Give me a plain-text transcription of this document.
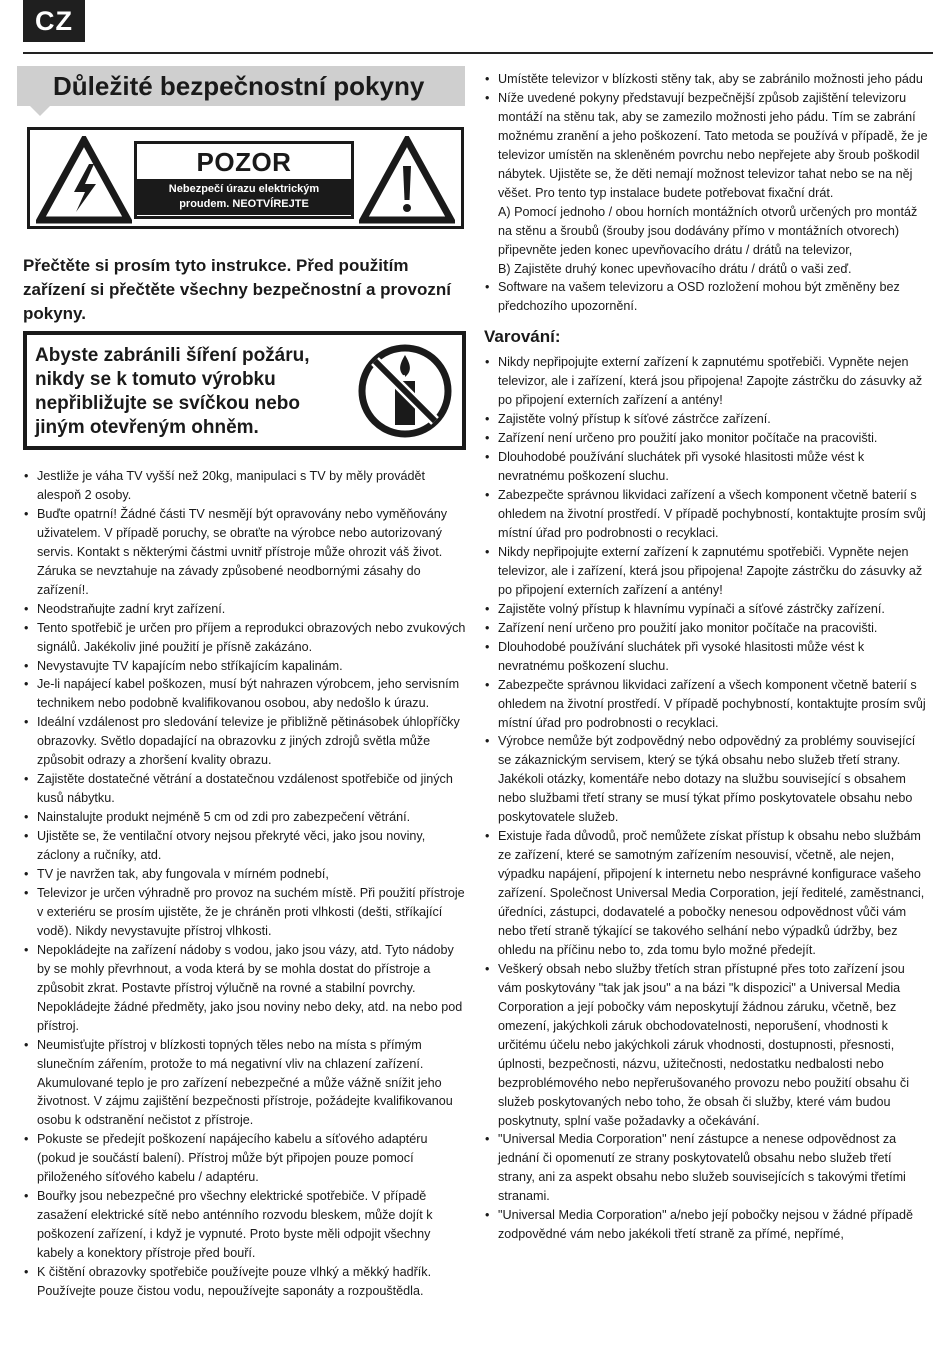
CZ
Důležité bezpečnostní pokyny
POZOR
Nebezpečí úrazu elektrickým
proudem. NEOTVÍREJTE
Přečtěte si prosím tyto instrukce. Před použitím zařízení si přečtěte všechny bezpečnostní a provozní pokyny.
Abyste zabránili šíření požáru,
nikdy se k tomuto výrobku
nepřibližujte se svíčkou nebo
jiným otevřeným ohněm.
• Jestliže je váha TV vyšší než 20kg, manipulaci s TV by měly provádět alespoň 2 osoby.
• Buďte opatrní! Žádné části TV nesmějí být opravovány nebo vyměňovány uživatelem. V případě poruchy, se obraťte na výrobce nebo autorizovaný servis. Kontakt s některými částmi uvnitř přístroje může ohrozit váš život. Záruka se nevztahuje na závady způsobené neodbornými zásahy do zařízení!.
• Neodstraňujte zadní kryt zařízení.
• Tento spotřebič je určen pro příjem a reprodukci obrazových nebo zvukových signálů. Jakékoliv jiné použití je přísně zakázáno.
• Nevystavujte TV kapajícím nebo stříkajícím kapalinám.
• Je-li napájecí kabel poškozen, musí být nahrazen výrobcem, jeho servisním technikem nebo podobně kvalifikovanou osobou, aby nedošlo k úrazu.
• Ideální vzdálenost pro sledování televize je přibližně pětinásobek úhlopříčky obrazovky. Světlo dopadající na obrazovku z jiných zdrojů světla může způsobit odrazy a zhoršení kvality obrazu.
• Zajistěte dostatečné větrání a dostatečnou vzdálenost spotřebiče od jiných kusů nábytku.
• Nainstalujte produkt nejméně 5 cm od zdi pro zabezpečení větrání.
• Ujistěte se, že ventilační otvory nejsou překryté věci, jako jsou noviny, záclony a ručníky, atd.
• TV je navržen tak, aby fungovala v mírném podnebí,
• Televizor je určen výhradně pro provoz na suchém místě. Při použití přístroje v exteriéru se prosím ujistěte, že je chráněn proti vlhkosti (dešti, stříkající vodě). Nikdy nevystavujte přístroj vlhkosti.
• Nepokládejte na zařízení nádoby s vodou, jako jsou vázy, atd. Tyto nádoby by se mohly převrhnout, a voda která by se mohla dostat do přístroje a způsobit zkrat. Postavte přístroj výlučně na rovné a stabilní povrchy. Nepokládejte žádné předměty, jako jsou noviny nebo deky, atd. na nebo pod přístroj.
• Neumisťujte přístroj v blízkosti topných těles nebo na místa s přímým slunečním zářením, protože to má negativní vliv na chlazení zařízení. Akumulované teplo je pro zařízení nebezpečné a může vážně snížit jeho životnost. V zájmu zajištění bezpečnosti přístroje, požádejte kvalifikovanou osobu k odstranění nečistot z přístroje.
• Pokuste se předejít poškození napájecího kabelu a síťového adaptéru (pokud je součástí balení). Přístroj může být připojen pouze pomocí přiloženého síťového kabelu / adaptéru.
• Bouřky jsou nebezpečné pro všechny elektrické spotřebiče. V případě zasažení elektrické sítě nebo anténního rozvodu bleskem, může dojít k poškození zařízení, i když je vypnuté. Proto byste měli odpojit všechny kabely a konektory přístroje před bouří.
• K čištění obrazovky spotřebiče používejte pouze vlhký a měkký hadřík. Používejte pouze čistou vodu, nepoužívejte saponáty a rozpouštědla.
• Umístěte televizor v blízkosti stěny tak, aby se zabránilo možnosti jeho pádu
• Níže uvedené pokyny představují bezpečnější způsob zajištění televizoru montáží na stěnu tak, aby se zamezilo možnosti jeho pádu. Tím se zabrání možnému zranění a jeho poškození. Tato metoda se používá v případě, že je televizor umístěn na skleněném povrchu nebo nepřejete aby šroub poškodil nábytek. Ujistěte se, že děti nemají možnost televizor tahat nebo se na něj věšet. Pro tento typ instalace budete potřebovat fixační drát.
A) Pomocí jednoho / obou horních montážních otvorů určených pro montáž na stěnu a šroubů (šrouby jsou dodávány přímo v montážních otvorech) připevněte jeden konec upevňovacího drátu / drátů na televizor,
B) Zajistěte druhý konec upevňovacího drátu / drátů o vaši zeď.
• Software na vašem televizoru a OSD rozložení mohou být změněny bez předchozího upozornění.
Varování:
• Nikdy nepřipojujte externí zařízení k zapnutému spotřebiči. Vypněte nejen televizor, ale i zařízení, která jsou připojena! Zapojte zástrčku do zásuvky až po připojení externích zařízení a antény!
• Zajistěte volný přístup k síťové zástrčce zařízení.
• Zařízení není určeno pro použití jako monitor počítače na pracovišti.
• Dlouhodobé používání sluchátek při vysoké hlasitosti může vést k nevratnému poškození sluchu.
• Zabezpečte správnou likvidaci zařízení a všech komponent včetně baterií s ohledem na životní prostředí. V případě pochybností, kontaktujte prosím svůj místní úřad pro podrobnosti o recyklaci.
• Nikdy nepřipojujte externí zařízení k zapnutému spotřebiči. Vypněte nejen televizor, ale i zařízení, která jsou připojena! Zapojte zástrčku do zásuvky až po připojení externích zařízení a antény!
• Zajistěte volný přístup k hlavnímu vypínači a síťové zástrčky zařízení.
• Zařízení není určeno pro použití jako monitor počítače na pracovišti.
• Dlouhodobé používání sluchátek při vysoké hlasitosti může vést k nevratnému poškození sluchu.
• Zabezpečte správnou likvidaci zařízení a všech komponent včetně baterií s ohledem na životní prostředí. V případě pochybností, kontaktujte prosím svůj místní úřad pro podrobnosti o recyklaci.
• Výrobce nemůže být zodpovědný nebo odpovědný za problémy související se zákaznickým servisem, který se týká obsahu nebo služeb třetí strany. Jakékoli otázky, komentáře nebo dotazy na službu související s obsahem nebo službami třetí strany se musí týkat přímo poskytovatele obsahu nebo poskytovatele služeb.
• Existuje řada důvodů, proč nemůžete získat přístup k obsahu nebo službám ze zařízení, které se samotným zařízením nesouvisí, včetně, ale nejen, výpadku napájení, připojení k internetu nebo nesprávné konfigurace vašeho zařízení. Společnost Universal Media Corporation, její ředitelé, zaměstnanci, úředníci, zástupci, dodavatelé a pobočky nenesou odpovědnost vůči vám nebo třetí straně týkající se takového selhání nebo výpadků údržby, bez ohledu na příčinu nebo to, zda tomu bylo možné předejít.
• Veškerý obsah nebo služby třetích stran přístupné přes toto zařízení jsou vám poskytovány "tak jak jsou" a na bázi "k dispozici" a Universal Media Corporation a její pobočky vám neposkytují žádnou záruku, včetně, bez omezení, jakýchkoli záruk obchodovatelnosti, neporušení, vhodnosti k určitému účelu nebo jakýchkoli záruk vhodnosti, dostupnosti, přesnosti, úplnosti, bezpečnosti, názvu, užitečnosti, nedostatku nedbalosti nebo bezproblémového nebo nepřerušovaného provozu nebo použití obsahu či služeb poskytovaných nebo toho, že obsah či služby, které vám budou poskytnuty, splní vaše požadavky a očekávání.
• "Universal Media Corporation" není zástupce a nenese odpovědnost za jednání či opomenutí ze strany poskytovatelů obsahu nebo služeb třetí strany, ani za aspekt obsahu nebo služeb souvisejících s takovými třetími stranami.
• "Universal Media Corporation" a/nebo její pobočky nejsou v žádné případě zodpovědné vám nebo jakékoli třetí straně za přímé, nepřímé,
